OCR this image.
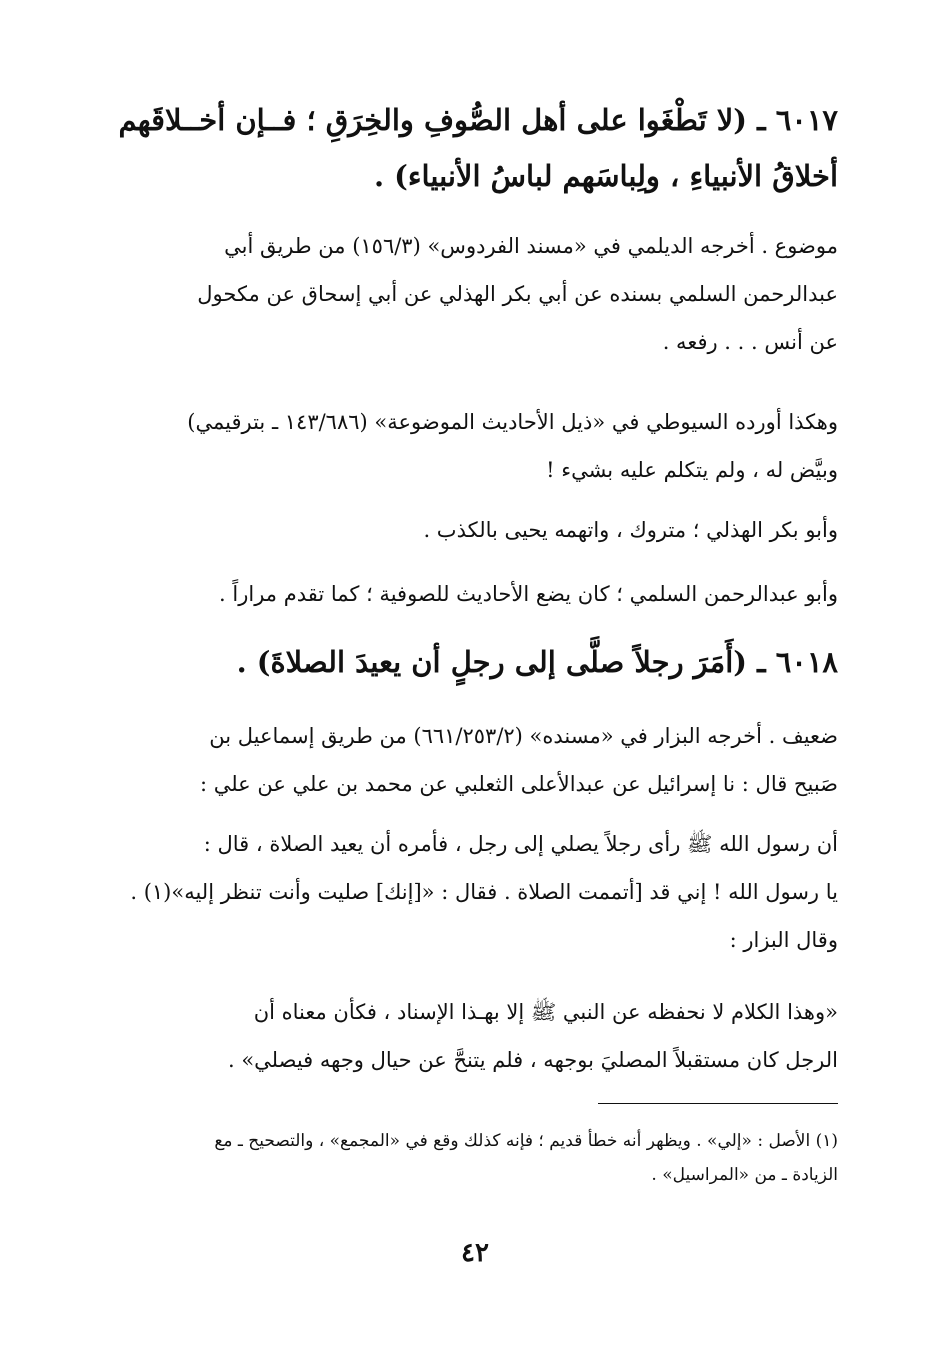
٦٠١٧ ـ (لا تَطْغَوا على أهل الصُّوفِ والخِرَقِ ؛ فــإن أخــلاقَهم
أخلاقُ الأنبياءِ ، ولِباسَهم لباسُ الأنبياء) .
موضوع . أخرجه الديلمي في «مسند الفردوس» (١٥٦/٣) من طريق أبي
عبدالرحمن السلمي بسنده عن أبي بكر الهذلي عن أبي إسحاق عن مكحول
عن أنس . . . رفعه .
وهكذا أورده السيوطي في «ذيل الأحاديث الموضوعة» (١٤٣/٦٨٦ ـ بترقيمي)
وبيَّض له ، ولم يتكلم عليه بشيء !
وأبو بكر الهذلي ؛ متروك ، واتهمه يحيى بالكذب .
وأبو عبدالرحمن السلمي ؛ كان يضع الأحاديث للصوفية ؛ كما تقدم مراراً .
٦٠١٨ ـ (أَمَرَ رجلاً صلَّى إلى رجلٍ أن يعيدَ الصلاةَ) .
ضعيف . أخرجه البزار في «مسنده» (٦٦١/٢٥٣/٢) من طريق إسماعيل بن
صَبيح قال : نا إسرائيل عن عبدالأعلى الثعلبي عن محمد بن علي عن علي :
أن رسول الله ﷺ رأى رجلاً يصلي إلى رجل ، فأمره أن يعيد الصلاة ، قال :
يا رسول الله ! إني قد [أتممت الصلاة . فقال : «[إنك] صليت وأنت تنظر إليه»(١) .
وقال البزار :
«وهذا الكلام لا نحفظه عن النبي ﷺ إلا بهـذا الإسناد ، فكأن معناه أن
الرجل كان مستقبلاً المصليَ بوجهه ، فلم يتنحَّ عن حيال وجهه فيصلي» .
(١) الأصل : «إلي» . ويظهر أنه خطأ قديم ؛ فإنه كذلك وقع في «المجمع» ، والتصحيح ـ مع
الزيادة ـ من «المراسيل» .
٤٢
